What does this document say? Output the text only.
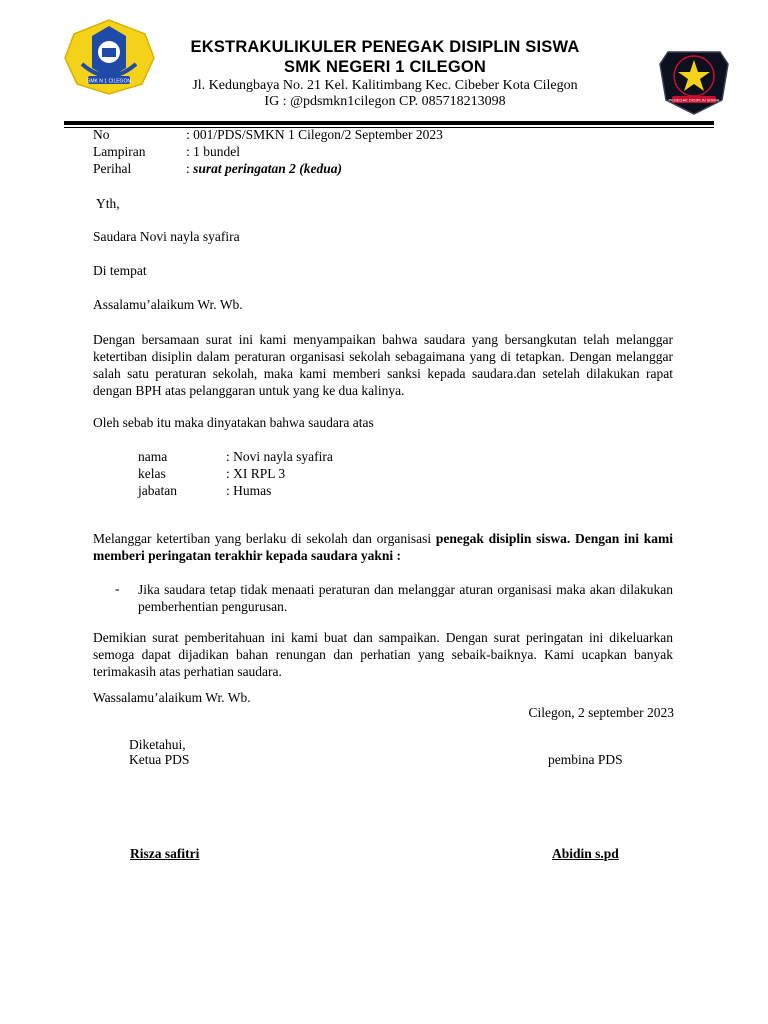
SMK N 1 CILEGON
PENEGAK DISIPLIN SISWA
EKSTRAKULIKULER PENEGAK DISIPLIN SISWA
SMK NEGERI 1 CILEGON
Jl. Kedungbaya No. 21 Kel. Kalitimbang Kec. Cibeber Kota Cilegon
IG : @pdsmkn1cilegon CP. 085718213098
No	: 001/PDS/SMKN 1 Cilegon/2 September 2023
Lampiran	: 1 bundel
Perihal	: surat peringatan 2 (kedua)
Yth,
Saudara Novi nayla syafira
Di tempat
Assalamu’alaikum Wr. Wb.
Dengan bersamaan surat ini kami menyampaikan bahwa saudara yang bersangkutan telah melanggar ketertiban disiplin dalam peraturan organisasi sekolah sebagaimana yang di tetapkan. Dengan melanggar salah satu peraturan sekolah, maka kami memberi sanksi kepada saudara.dan setelah dilakukan rapat dengan BPH atas pelanggaran untuk yang ke dua kalinya.
Oleh sebab itu maka dinyatakan bahwa saudara atas
nama	: Novi nayla syafira
kelas	: XI RPL 3
jabatan	: Humas
Melanggar ketertiban yang berlaku di sekolah dan organisasi penegak disiplin siswa. Dengan ini kami memberi peringatan terakhir kepada saudara yakni :
- Jika saudara tetap tidak menaati peraturan dan melanggar aturan organisasi maka akan dilakukan pemberhentian pengurusan.
Demikian surat pemberitahuan ini kami buat dan sampaikan. Dengan surat peringatan ini dikeluarkan semoga dapat dijadikan bahan renungan dan perhatian yang sebaik-baiknya. Kami ucapkan banyak terimakasih atas perhatian saudara.
Wassalamu’alaikum Wr. Wb.
Cilegon, 2 september 2023
Diketahui,
Ketua PDS	pembina PDS
Risza safitri	Abidin s.pd
